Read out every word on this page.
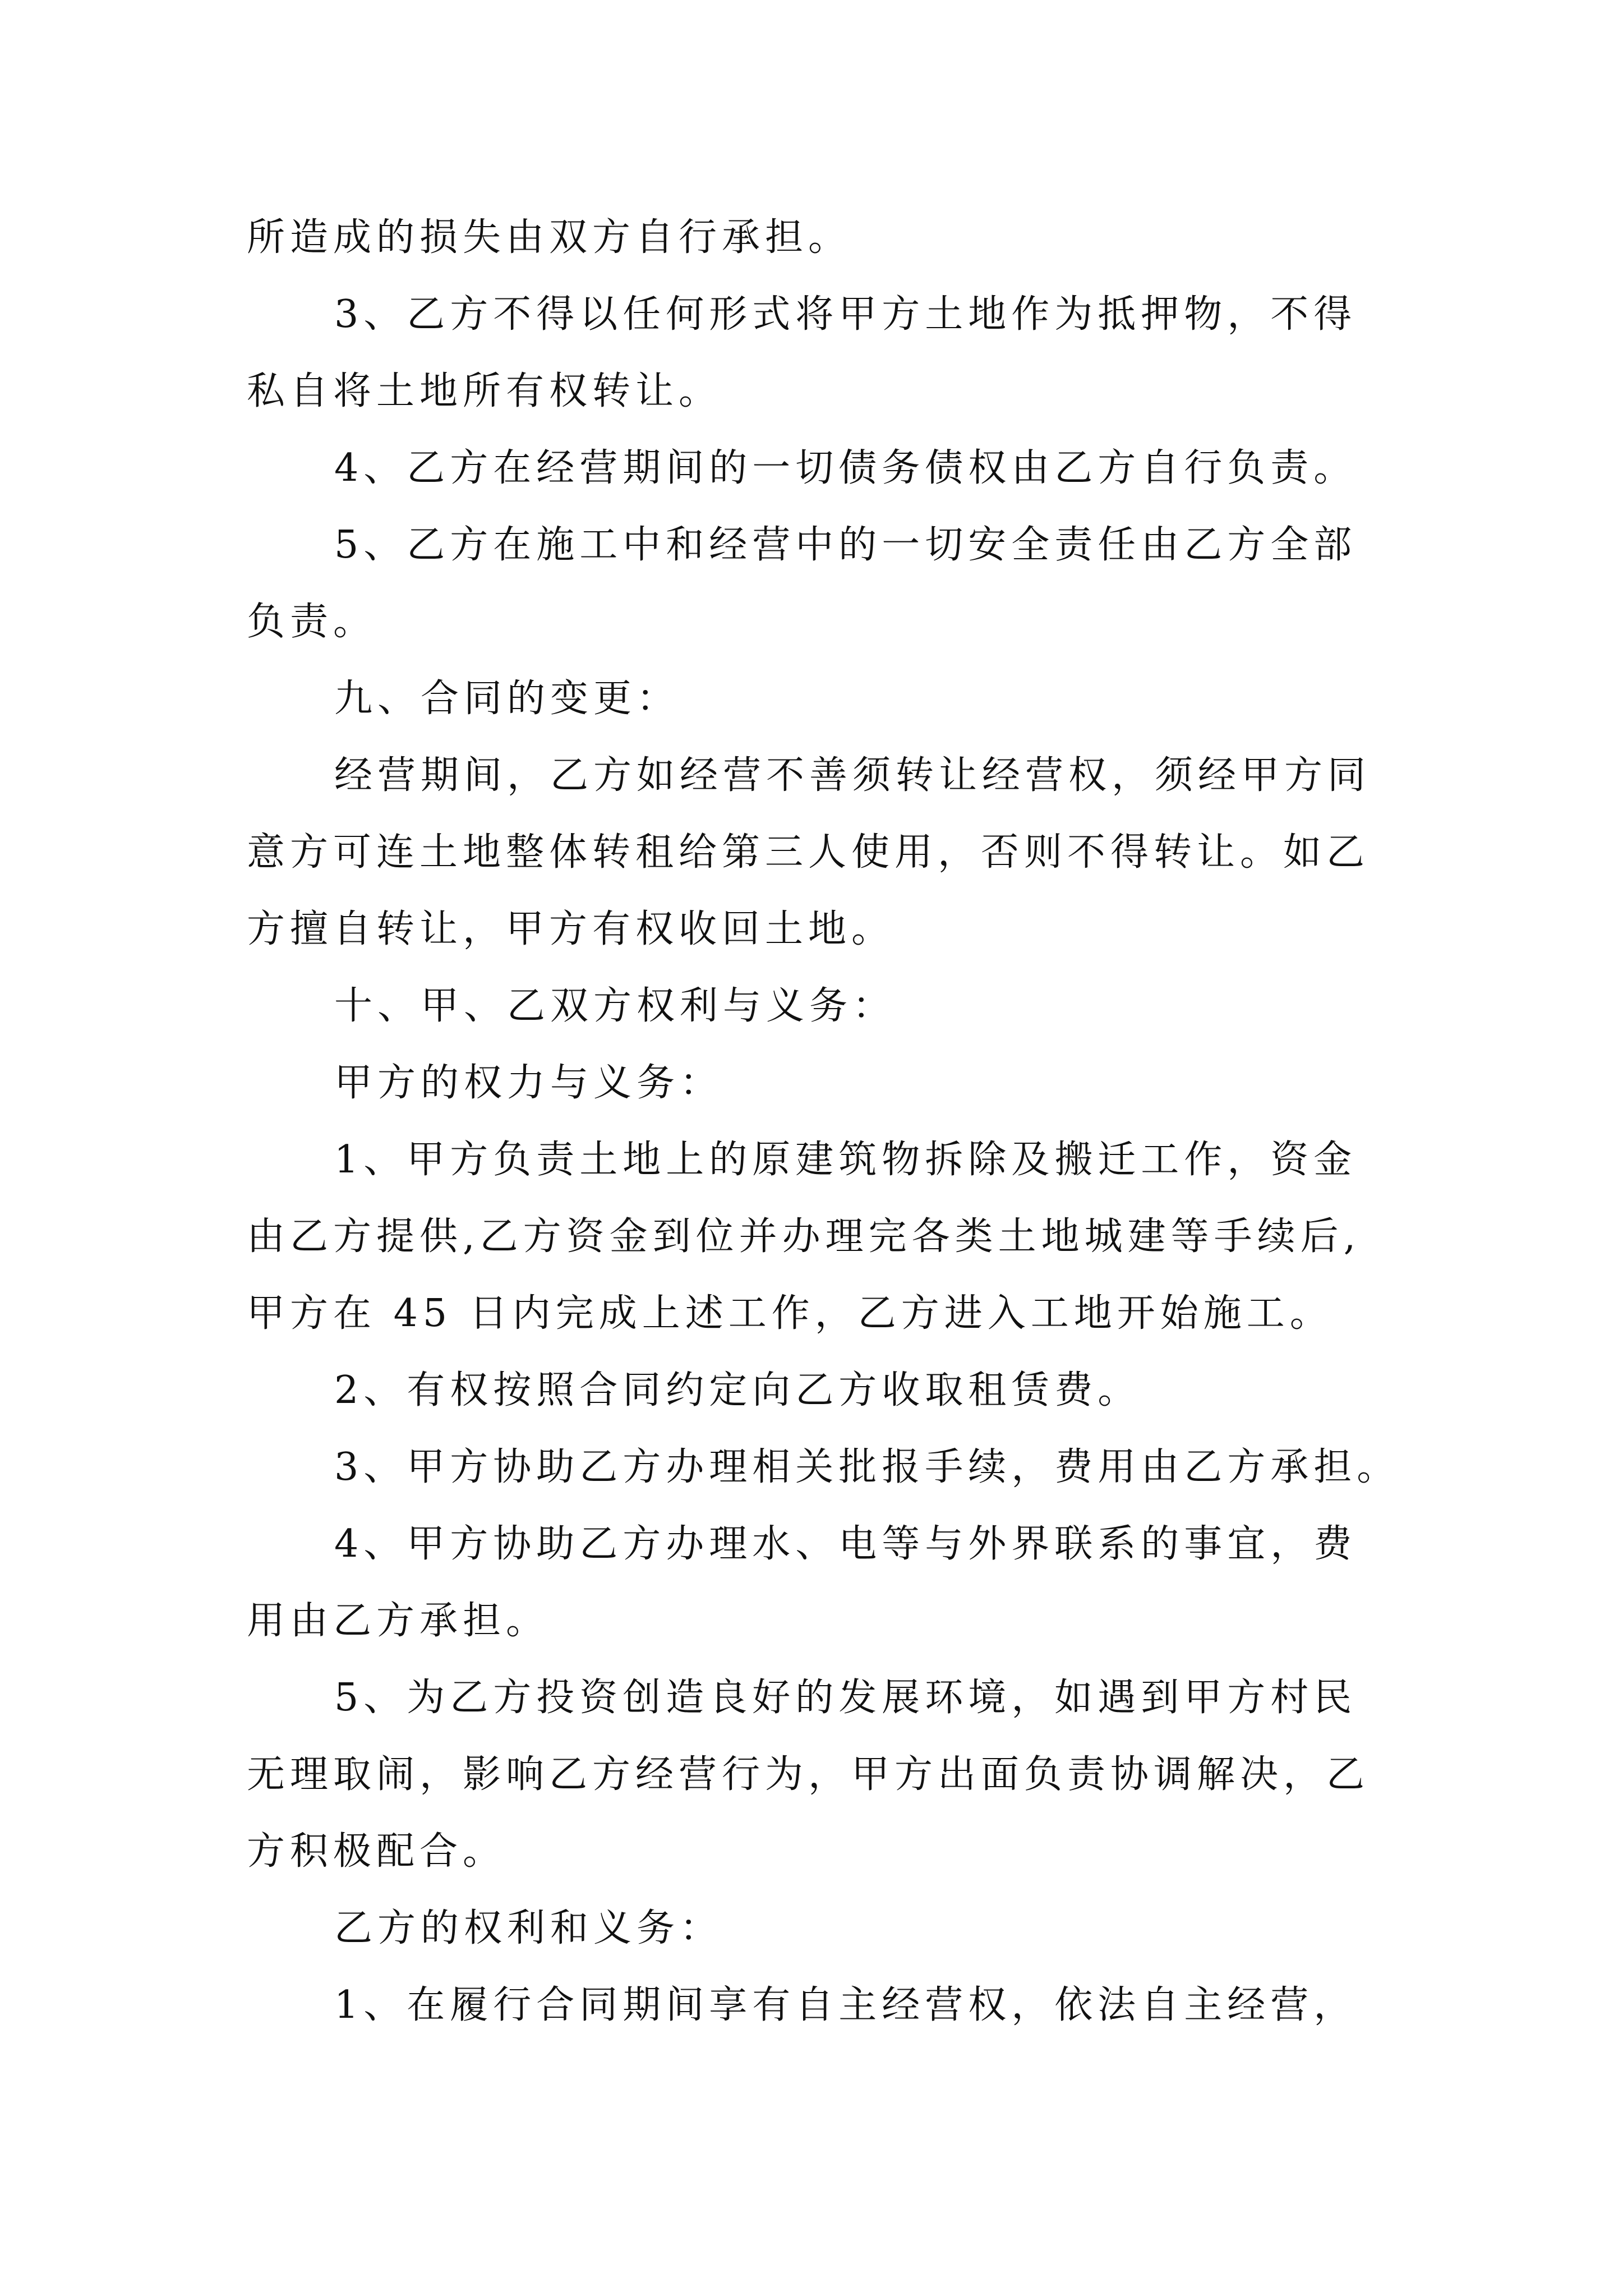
所造成的损失由双方自行承担。
3、乙方不得以任何形式将甲方土地作为抵押物，不得
私自将土地所有权转让。
4、乙方在经营期间的一切债务债权由乙方自行负责。
5、乙方在施工中和经营中的一切安全责任由乙方全部
负责。
九、合同的变更：
经营期间，乙方如经营不善须转让经营权，须经甲方同
意方可连土地整体转租给第三人使用，否则不得转让。如乙
方擅自转让，甲方有权收回土地。
十、甲、乙双方权利与义务：
甲方的权力与义务：
1、甲方负责土地上的原建筑物拆除及搬迁工作，资金
由乙方提供,乙方资金到位并办理完各类土地城建等手续后,
甲方在 45 日内完成上述工作，乙方进入工地开始施工。
2、有权按照合同约定向乙方收取租赁费。
3、甲方协助乙方办理相关批报手续，费用由乙方承担。
4、甲方协助乙方办理水、电等与外界联系的事宜，费
用由乙方承担。
5、为乙方投资创造良好的发展环境，如遇到甲方村民
无理取闹，影响乙方经营行为，甲方出面负责协调解决，乙
方积极配合。
乙方的权利和义务：
1、在履行合同期间享有自主经营权，依法自主经营，
